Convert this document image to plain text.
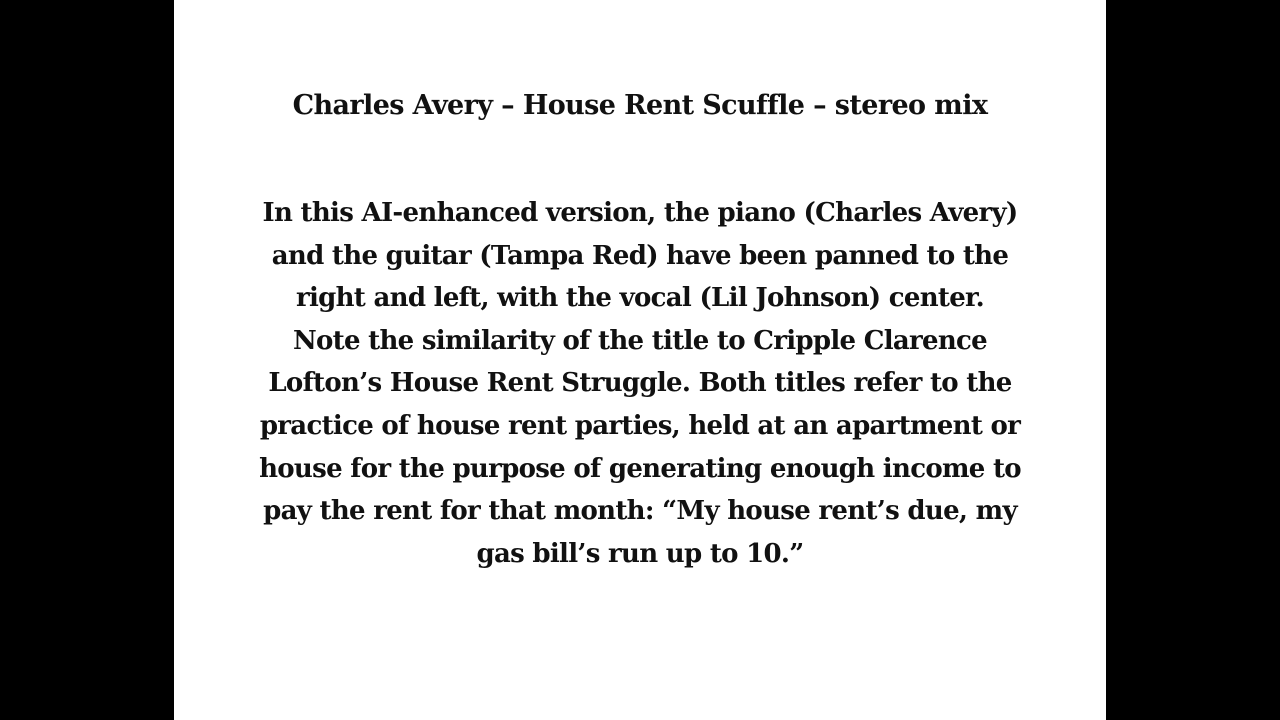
Charles Avery – House Rent Scuffle – stereo mix

In this AI-enhanced version, the piano (Charles Avery)
and the guitar (Tampa Red) have been panned to the
right and left, with the vocal (Lil Johnson) center.
Note the similarity of the title to Cripple Clarence
Lofton’s House Rent Struggle. Both titles refer to the
practice of house rent parties, held at an apartment or
house for the purpose of generating enough income to
pay the rent for that month: “My house rent’s due, my
gas bill’s run up to 10.”
